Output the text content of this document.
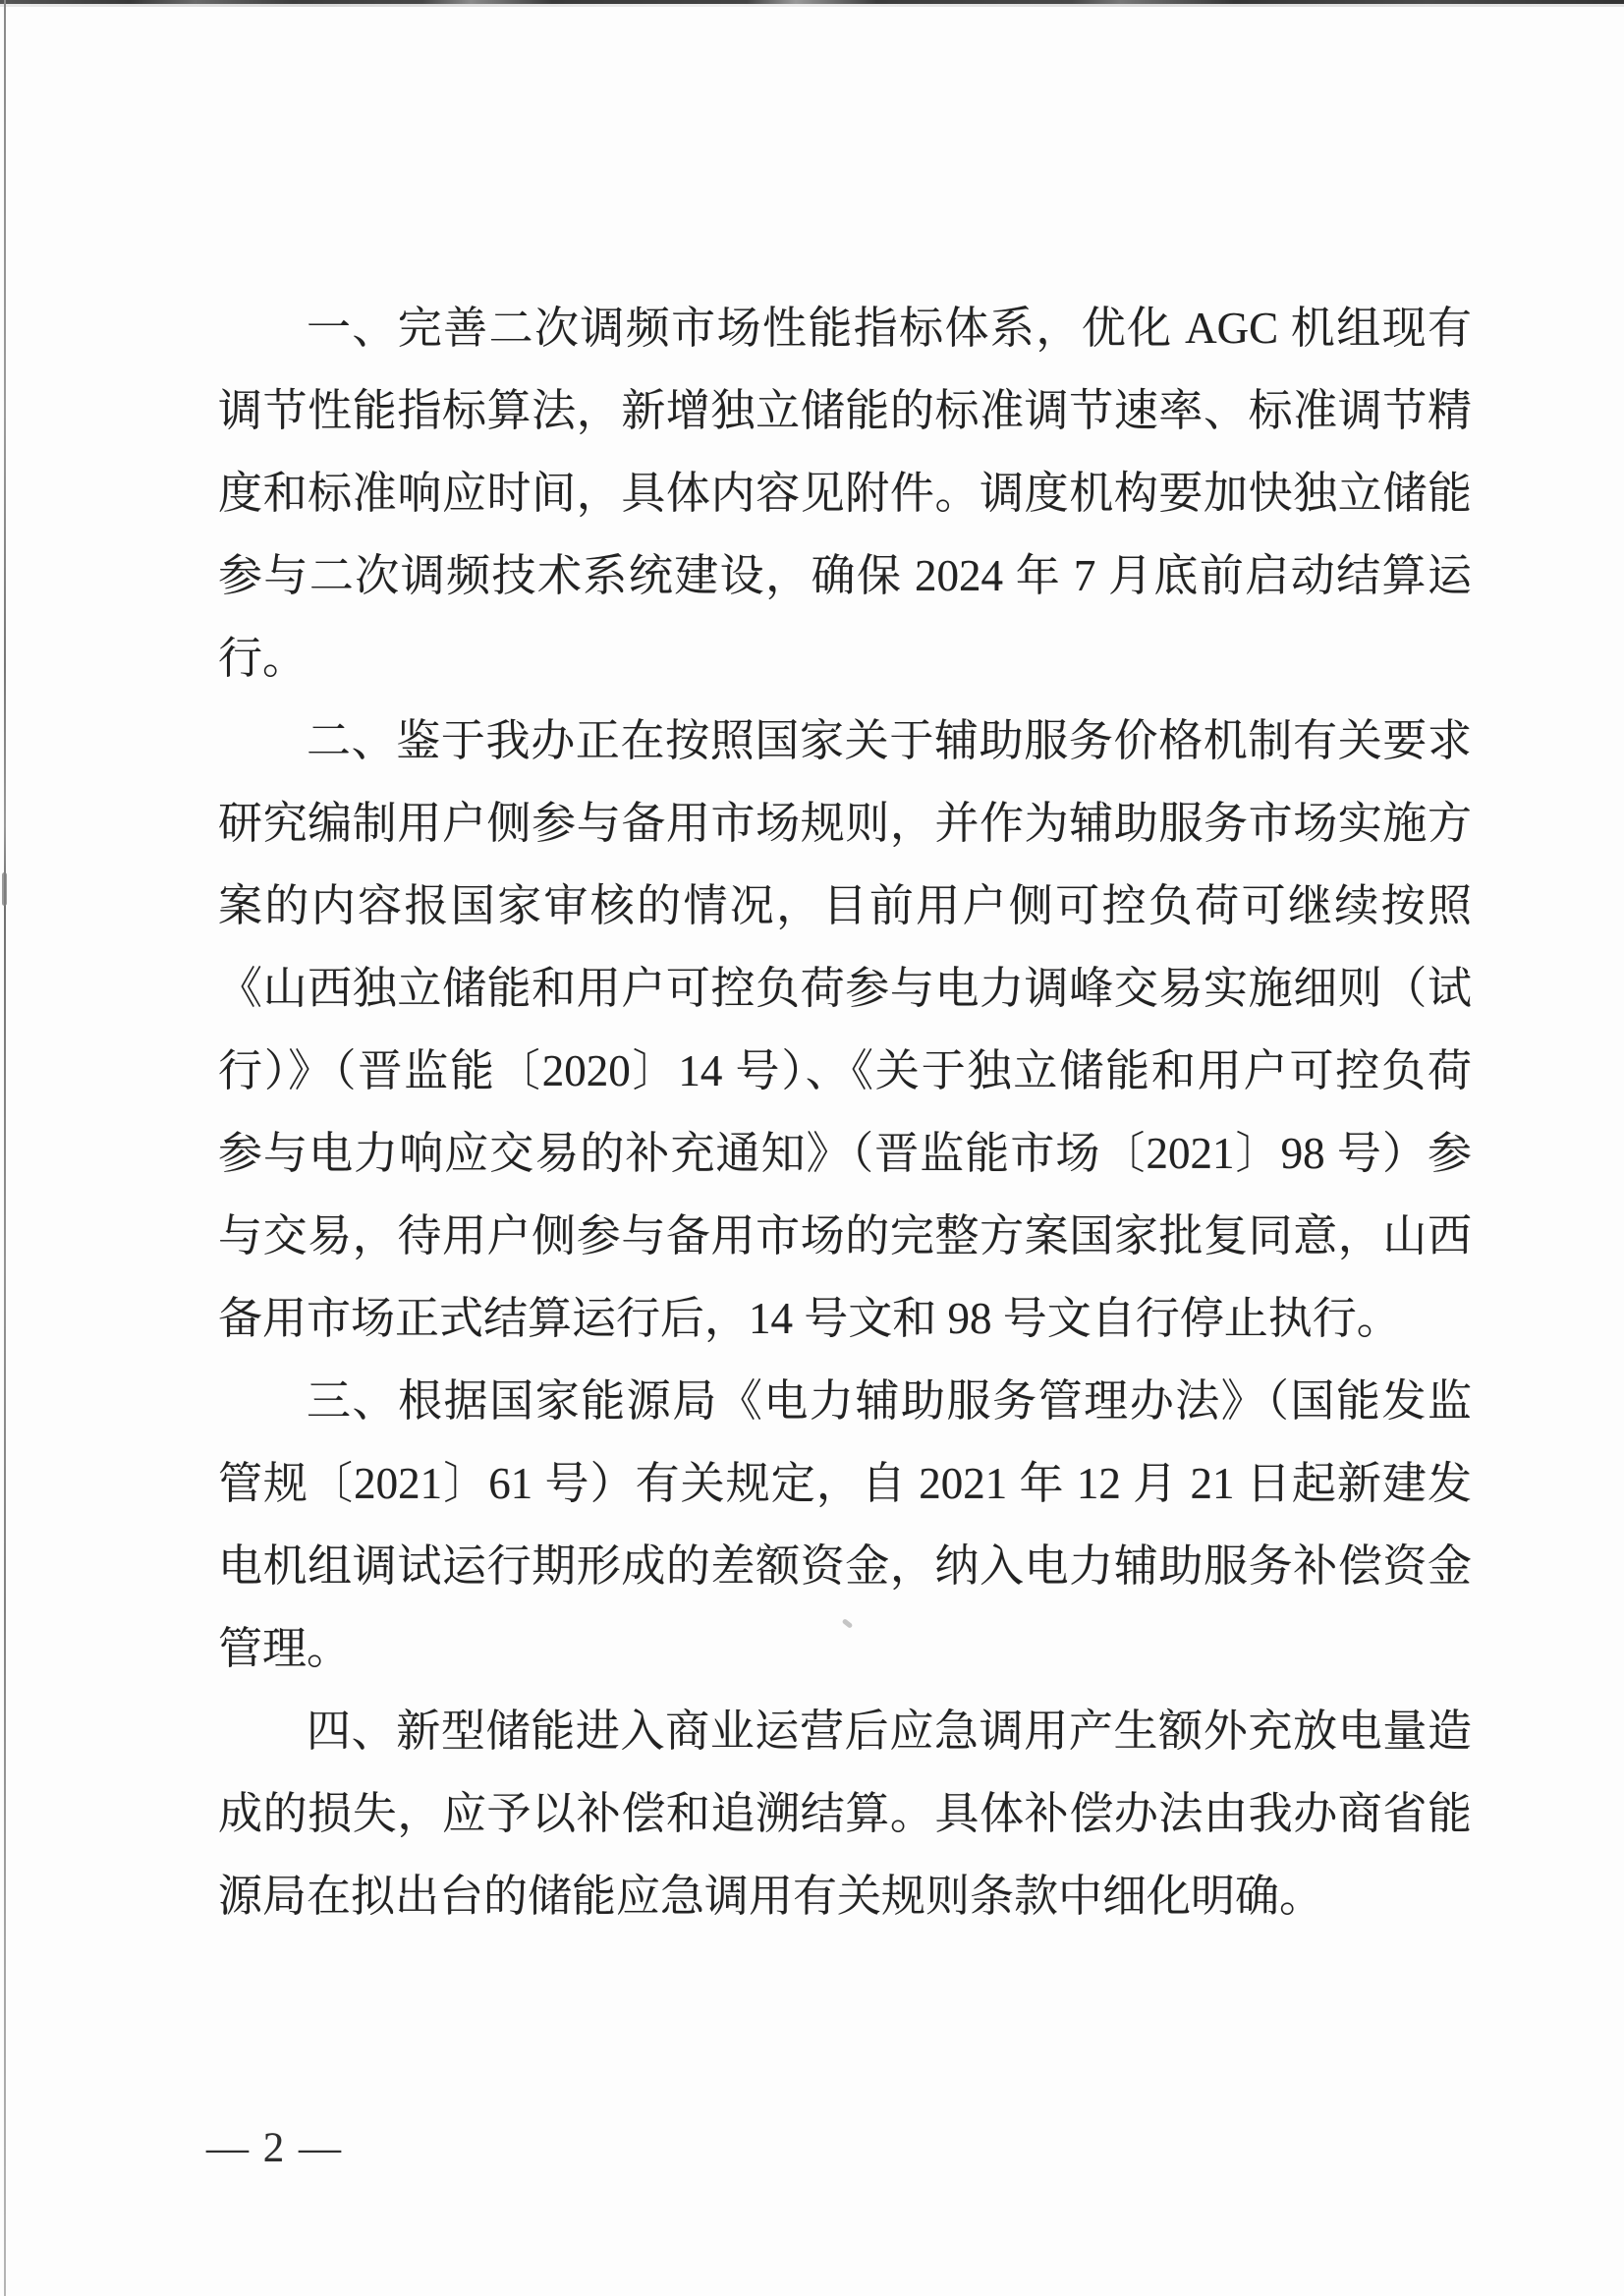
一、完善二次调频市场性能指标体系，优化 AGC 机组现有
调节性能指标算法，新增独立储能的标准调节速率、标准调节精
度和标准响应时间，具体内容见附件。调度机构要加快独立储能
参与二次调频技术系统建设，确保 2024 年 7 月底前启动结算运
行。
二、鉴于我办正在按照国家关于辅助服务价格机制有关要求
研究编制用户侧参与备用市场规则，并作为辅助服务市场实施方
案的内容报国家审核的情况，目前用户侧可控负荷可继续按照
《山西独立储能和用户可控负荷参与电力调峰交易实施细则（试
行）》（晋监能〔2020〕14 号）、《关于独立储能和用户可控负荷
参与电力响应交易的补充通知》（晋监能市场〔2021〕98 号）参
与交易，待用户侧参与备用市场的完整方案国家批复同意，山西
备用市场正式结算运行后，14 号文和 98 号文自行停止执行。
三、根据国家能源局《电力辅助服务管理办法》（国能发监
管规〔2021〕61 号）有关规定，自 2021 年 12 月 21 日起新建发
电机组调试运行期形成的差额资金，纳入电力辅助服务补偿资金
管理。
四、新型储能进入商业运营后应急调用产生额外充放电量造
成的损失，应予以补偿和追溯结算。具体补偿办法由我办商省能
源局在拟出台的储能应急调用有关规则条款中细化明确。
— 2 —
